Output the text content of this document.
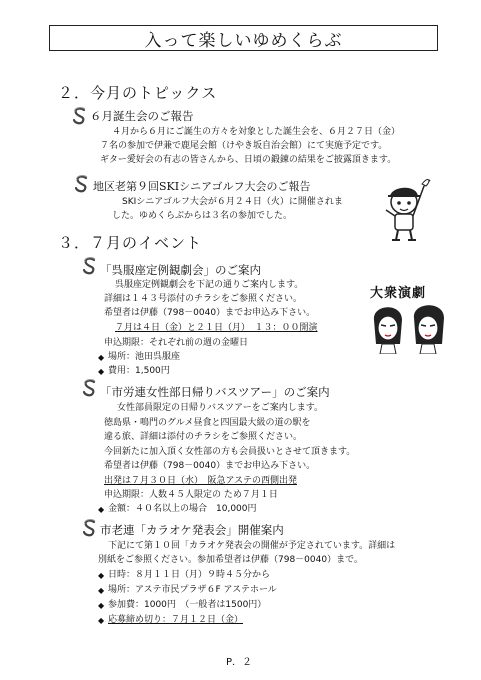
入って楽しいゆめくらぶ
２．今月のトピックス
６月誕生会のご報告
４月から６月にご誕生の方々を対象とした誕生会を、６月２７日（金）
７名の参加で伊兼で鹿尾会館（けやき坂自治会館）にて実施予定です。
ギター愛好会の有志の皆さんから、日頃の鍛錬の結果をご披露頂きます。
地区老第９回SKIシニアゴルフ大会のご報告
SKIシニアゴルフ大会が６月２４日（火）に開催されま
した。ゆめくらぶからは３名の参加でした。
３．７月のイベント
「呉服座定例観劇会」のご案内
呉服座定例観劇会を下記の通りご案内します。
詳細は１４３号添付のチラシをご参照ください。
希望者は伊藤（798－0040）までお申込み下さい。
７月は４日（金）と２１日（月）　１３：００開演
申込期限：それぞれ前の週の金曜日
◆ 場所：池田呉服座
◆ 費用：1,500円
大衆演劇
「市労連女性部日帰りバスツアー」のご案内
女性部員限定の日帰りバスツアーをご案内します。
徳島県・鳴門のグルメ昼食と四国最大級の道の駅を
違る旅、詳細は添付のチラシをご参照ください。
今回新たに加入頂く女性部の方も会員扱いとさせて頂きます。
希望者は伊藤（798－0040）までお申込み下さい。
出発は７月３０日（水）　阪急アステの西側出発
申込期限：人数４５人限定の ため７月１日
◆ 金額：４０名以上の場合　10,000円
市老連「カラオケ発表会」開催案内
下記にて第１０回「カラオケ発表会の開催が予定されています。詳細は
別紙をご参照ください。参加希望者は伊藤（798－0040）まで。
◆ 日時：８月１１日（月）９時４５分から
◆ 場所：アステ市民プラザ６F アステホール
◆ 参加費：1000円　（一般者は1500円）
◆ 応募締め切り：７月１２日（金）
P．２
